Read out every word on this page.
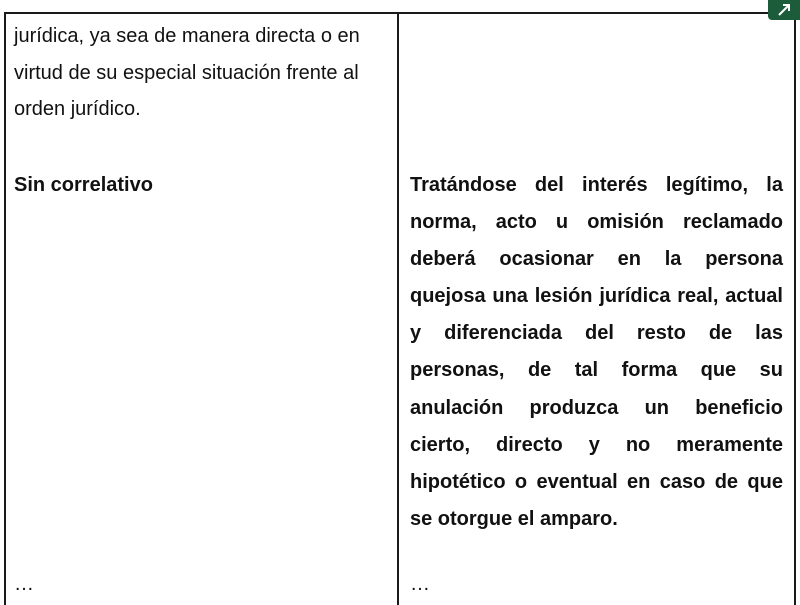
jurídica, ya sea de manera directa o en virtud de su especial situación frente al orden jurídico.

Sin correlativo	Tratándose del interés legítimo, la norma, acto u omisión reclamado deberá ocasionar en la persona quejosa una lesión jurídica real, actual y diferenciada del resto de las personas, de tal forma que su anulación produzca un beneficio cierto, directo y no meramente hipotético o eventual en caso de que se otorgue el amparo.

…	…
